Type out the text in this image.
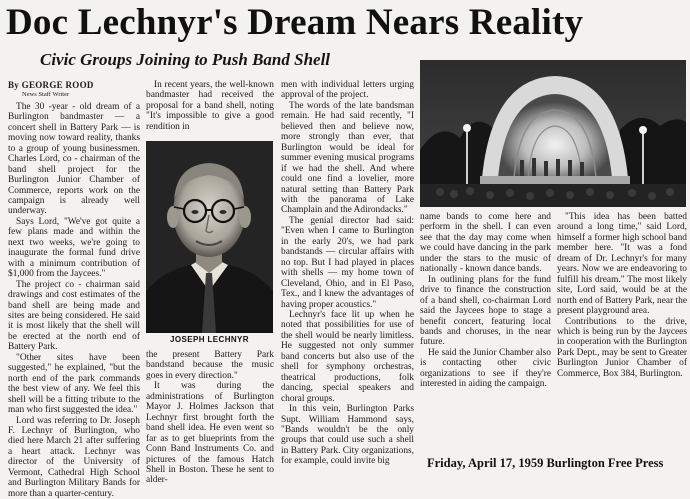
Doc Lechnyr's Dream Nears Reality
Civic Groups Joining to Push Band Shell

By GEORGE ROOD

News Staff Writer

The 30 -year - old dream of a Burlington bandmaster — a concert shell in Battery Park — is moving now toward reality, thanks to a group of young businessmen. Charles Lord, co - chairman of the band shell project for the Burlington Junior Chamber of Commerce, reports work on the campaign is already well underway.

Says Lord, "We've got quite a few plans made and within the next two weeks, we're going to inaugurate the formal fund drive with a minimum contribution of $1,000 from the Jaycees."

The project co - chairman said drawings and cost estimates of the band shell are being made and sites are being considered. He said it is most likely that the shell will be erected at the north end of Battery Park.

"Other sites have been suggested," he explained, "but the north end of the park commands the best view of any. We feel this shell will be a fitting tribute to the man who first suggested the idea."

Lord was referring to Dr. Joseph F. Lechnyr of Burlington, who died here March 21 after suffering a heart attack. Lechnyr was director of the University of Vermont, Cathedral High School and Burlington Military Bands for more than a quarter-century.

In recent years, the well-known bandmaster had received the proposal for a band shell, noting "It's impossible to give a good rendition in

JOSEPH LECHNYR

the present Battery Park bandstand because the music goes in every direction."

It was during the administrations of Burlington Mayor J. Holmes Jackson that Lechnyr first brought forth the band shell idea. He even went so far as to get blueprints from the Conn Band Instruments Co. and pictures of the famous Hatch Shell in Boston. These he sent to alder-

men with individual letters urging approval of the project.

The words of the late bandsman remain. He had said recently, "I believed then and believe now, more strongly than ever, that Burlington would be ideal for summer evening musical programs if we had the shell. And where could one find a lovelier, more natural setting than Battery Park with the panorama of Lake Champlain and the Adirondacks."

The genial director had said: "Even when I came to Burlington in the early 20's, we had park bandstands — circular affairs with no top. But I had played in places with shells — my home town of Cleveland, Ohio, and in El Paso, Tex., and I knew the advantages of having proper acoustics."

Lechnyr's face lit up when he noted that possibilities for use of the shell would be nearly limitless. He suggested not only summer band concerts but also use of the shell for symphony orchestras, theatrical productions, folk dancing, special speakers and choral groups.

In this vein, Burlington Parks Supt. William Hammond says, "Bands wouldn't be the only groups that could use such a shell in Battery Park. City organizations, for example, could invite big

name bands to come here and perform in the shell. I can even see that the day may come when we could have dancing in the park under the stars to the music of nationally - known dance bands.

In outlining plans for the fund drive to finance the construction of a band shell, co-chairman Lord said the Jaycees hope to stage a benefit concert, featuring local bands and choruses, in the near future.

He said the Junior Chamber also is contacting other civic organizations to see if they're interested in aiding the campaign.

"This idea has been batted around a long time," said Lord, himself a former high school band member here. "It was a fond dream of Dr. Lechnyr's for many years. Now we are endeavoring to fulfill his dream." The most likely site, Lord said, would be at the north end of Battery Park, near the present playground area.

Contributions to the drive, which is being run by the Jaycees in cooperation with the Burlington Park Dept., may be sent to Greater Burlington Junior Chamber of Commerce, Box 384, Burlington.

Friday, April 17, 1959 Burlington Free Press
